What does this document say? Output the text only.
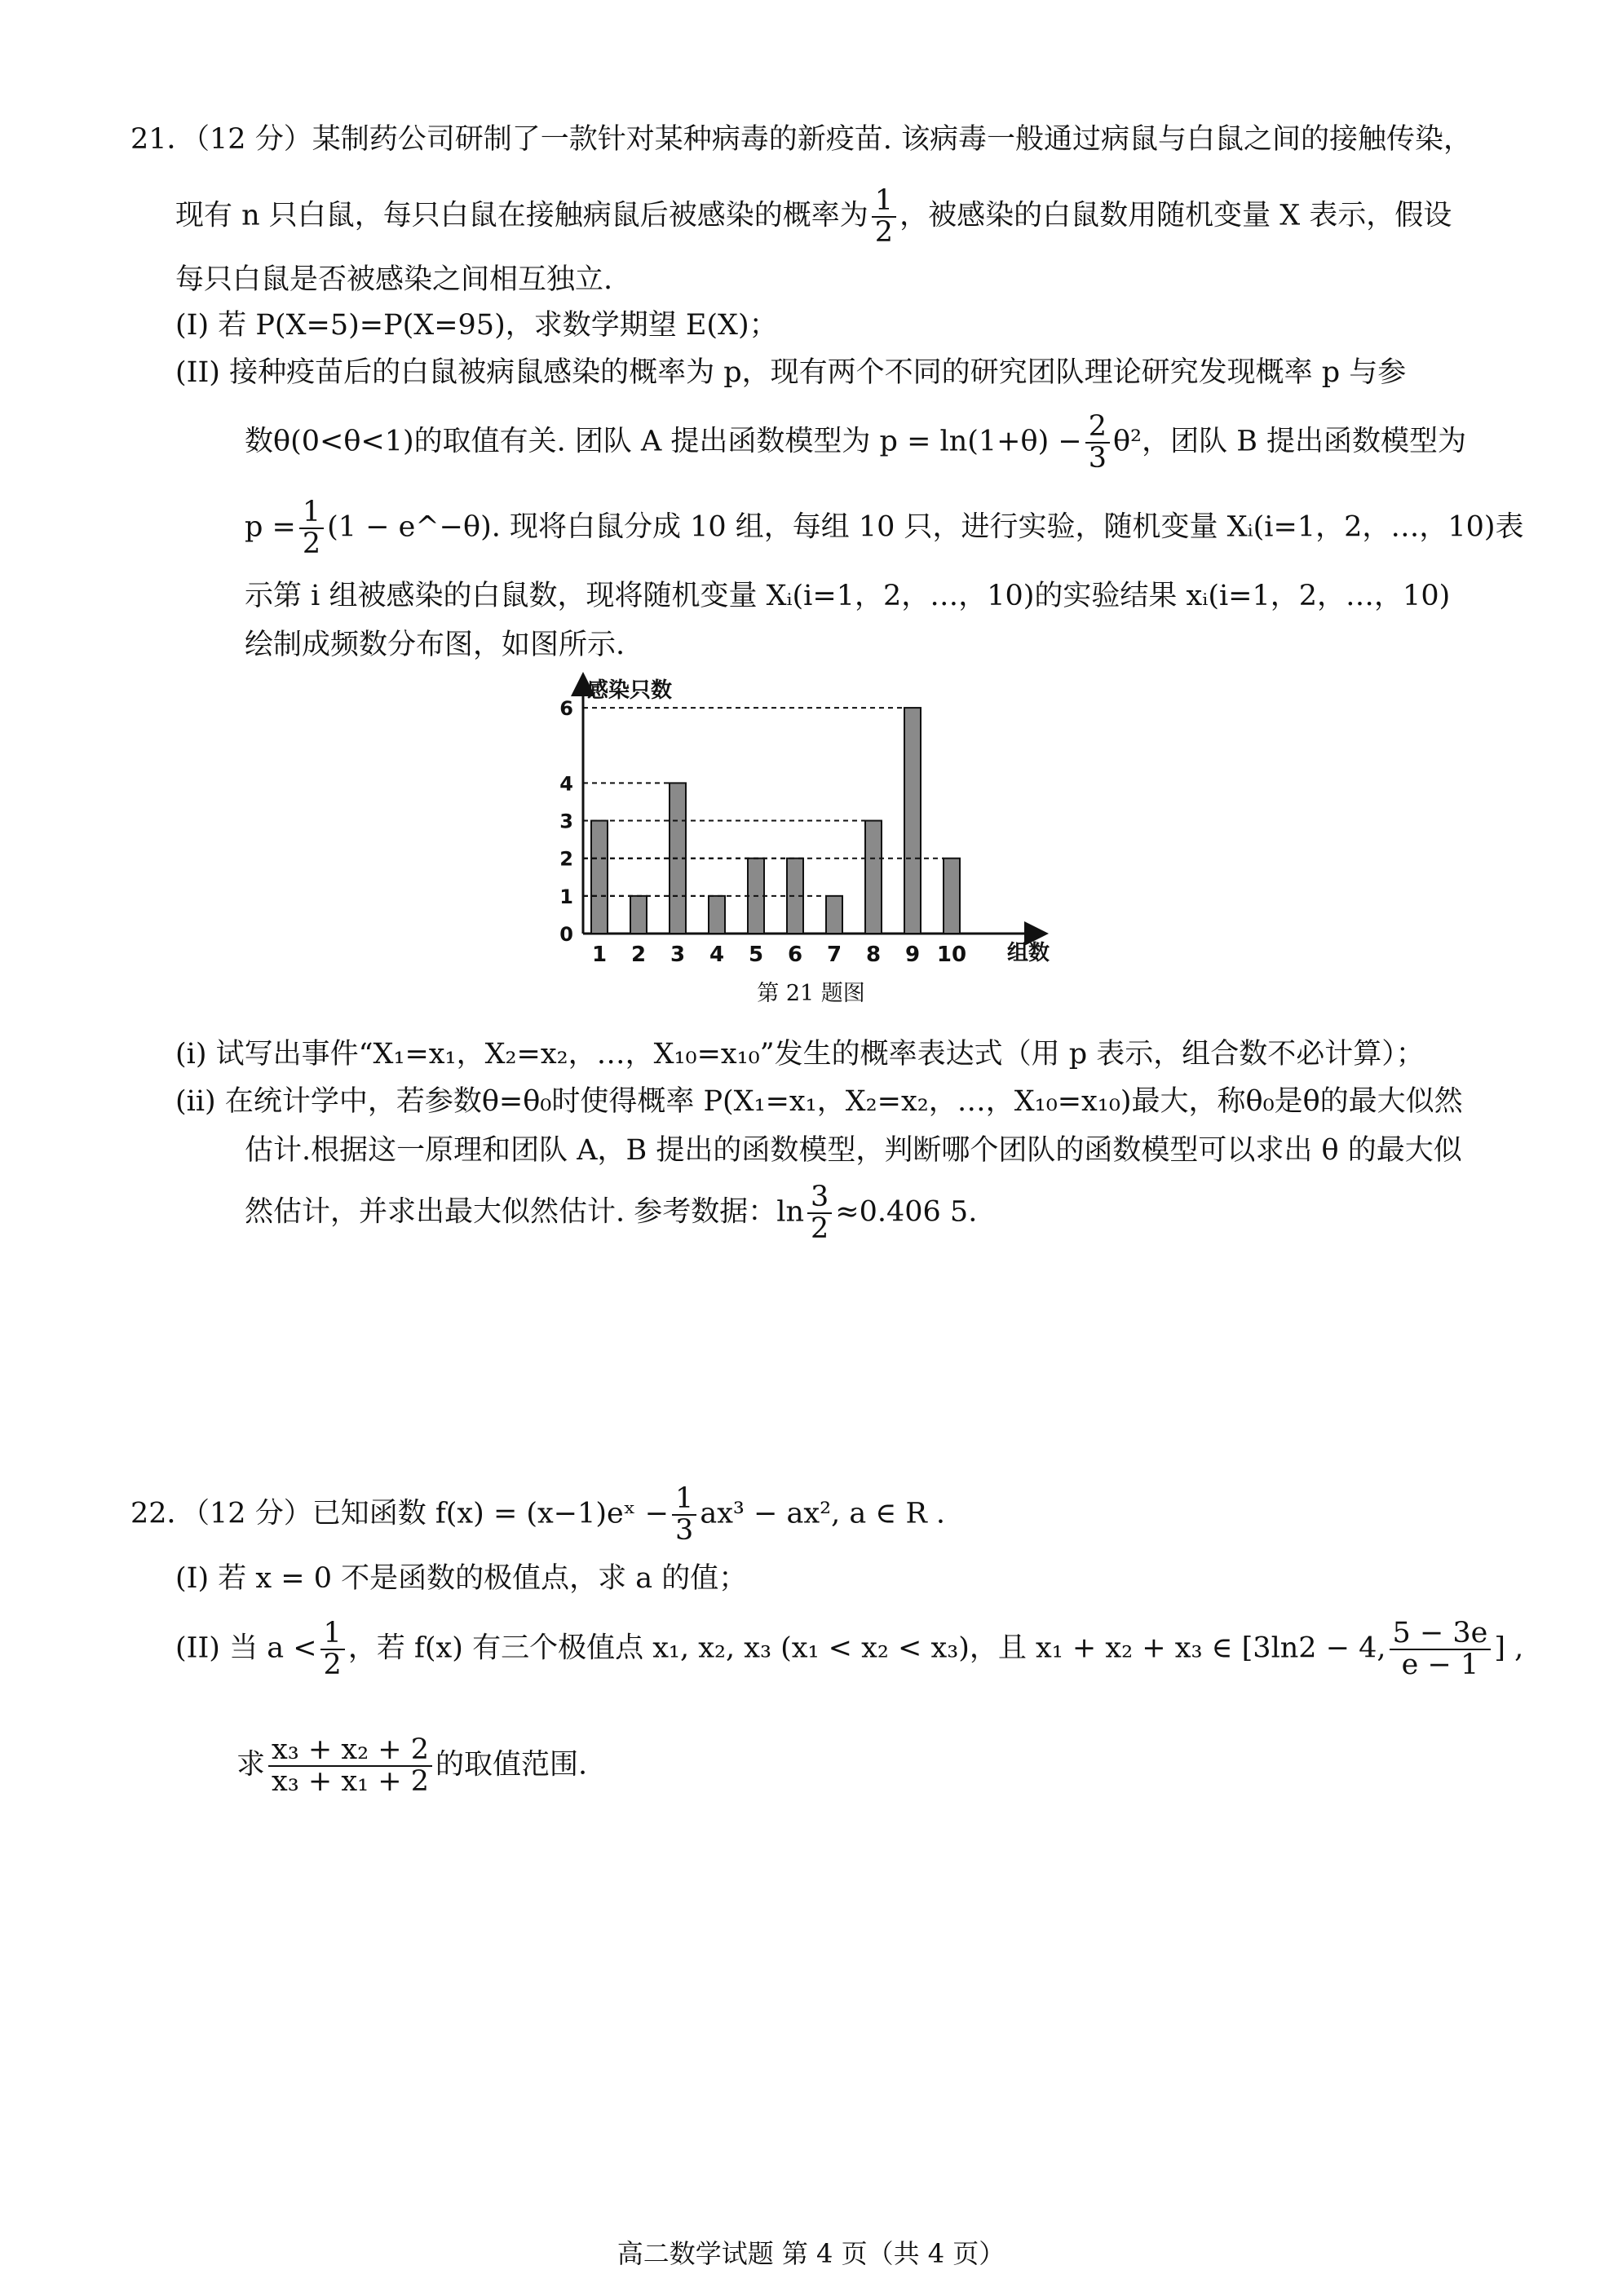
21．（12 分）某制药公司研制了一款针对某种病毒的新疫苗. 该病毒一般通过病鼠与白鼠之间的接触传染，
现有 n 只白鼠，每只白鼠在接触病鼠后被感染的概率为 $\frac{1}{2}$ ，被感染的白鼠数用随机变量 X 表示，假设
每只白鼠是否被感染之间相互独立.
(I) 若 P(X=5)=P(X=95)，求数学期望 E(X)；
(II) 接种疫苗后的白鼠被病鼠感染的概率为 p，现有两个不同的研究团队理论研究发现概率 p 与参
数θ(0<θ<1)的取值有关. 团队 A 提出函数模型为 $p = \ln(1+\theta) - \frac{2}{3} \theta^2$，团队 B 提出函数模型为
$p = \frac{1}{2} (1$ − e^−θ). 现将白鼠分成 10 组，每组 10 只，进行实验，随机变量 Xᵢ(i=1，2，…，10)表
示第 i 组被感染的白鼠数，现将随机变量 Xᵢ(i=1，2，…，10)的实验结果 xᵢ(i=1，2，…，10)
绘制成频数分布图，如图所示.
感染只数
组数
0
1
2
3
4
6
1 2 3 4 5 6 7 8 9 10
第 21 题图
(i) 试写出事件“X₁=x₁，X₂=x₂，…，X₁₀=x₁₀”发生的概率表达式（用 p 表示，组合数不必计算）；
(ii) 在统计学中，若参数θ=θ₀时使得概率 P(X₁=x₁，X₂=x₂，…，X₁₀=x₁₀)最大，称θ₀是θ的最大似然
估计.根据这一原理和团队 A，B 提出的函数模型，判断哪个团队的函数模型可以求出 θ 的最大似
然估计，并求出最大似然估计. 参考数据：$\ln \frac{3}{2} \approx 0.406$ 5.
22．（12 分）已知函数 f(x) = (x−1)eˣ − $\frac{1}{3} ax^3 - ax^2$, a ∈ R .
(I) 若 x = 0 不是函数的极值点，求 a 的值；
(II) 当 $a < \frac{1}{2}$ ，若 f(x) 有三个极值点 x₁, x₂, x₃ (x₁ < x₂ < x₃)，且 x₁ + x₂ + x₃ ∈ [3ln2 − 4, $\frac{5 - 3e}{e - 1}$ ] ,
求 $\frac{\text{x₃ + x₂ + 2}}{\text{x₃ + x₁ + 2}}$ 的取值范围.
高二数学试题 第 4 页（共 4 页）
